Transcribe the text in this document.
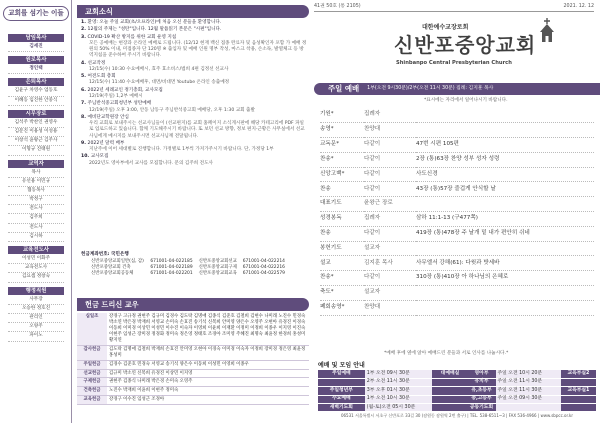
교회를 섬기는 이들
담임목사
김세진
원로목사
정인택
은퇴목사
김윤구 차영수 엄동호
이혜동 임진한 안중식
시무장로
김석주 박찬인 권영우
김문진 이용성 이성용
이창석 윤왕근 김주사
이형규 진태원
교역자
목사
유선용 이민규
협동목사
박정구
전도사
김주희
전도사
김시하
교육전도사
이성민 이화주
교육전도사
김요셉 정창숙
행정직원
사무장
오승한 정호진
관리인
오양주
파이노
교회소식
1. 환영: 오늘 주일 교회(초/오프라인)에 처음 오신 분들을 환영합니다.
2. 12월의 주제는 "성탄"입니다. 12월 말씀읽기 본문은 "시편"입니다.
3. COVID-19 확산 방지를 위한 교회 운영 지침
모든 공예배는 현장과 온라인 예배로 드립니다. (12/12 현재 백신 접종 완료자 및 음성확인자 포함 가 예배 정원의 50% 이내, 미접종자 단 120명 ※ 출입자 및 예배 인원 명부 작성, 마스크 착용, 손소독, 발열체크 등 방역지침을 준수하여 주시기 바랍니다.
4. 선교작정
12/15(수) 10:30 수요예배시, 효주 효소비스/법희 4편 김정선 선교사
5. 여전도회 총회
12/15(수) 11:40 수요예배후, 대면/비대면 Youtube 온라인 송출예정
6. 2022년 세례교인 정기총회, 교사모집
12/19(주일) 1,2부 예배시
7. 주님반석중고회청년부 성탄예배
12/19(주일) 오후 3:00, 안동 남동구 주님반석중고회 예배당, 오후 1:30 교회 출발
8. 예비단교학원장 안심
우리 교회로 보내주시는 선교사님들이 (선교편지)를 교회 홈페이지 소식게시판에 해당 카테고리에 PDF 파일로 업로드하고 있습니다. 함께 기도해주시기 바랍니다. 또 보던 선교 방향, 정보 편지·근황은 사무실에서 선교사님에게 메시지를 보내주시면 선교사님께 전달됩니다.
9. 2022년 달력 배부
지난주에 이어 세대별로 진행합니다. 가정별로 1부씩 가져가주시기 바랍니다. 단, 가정당 1부
10. 교사모집
2022년도 영아부에서 교사를 모집합니다. 문의 김주희 전도사
헌금계좌번호: 국민은행
신반포중앙교회일반(십, 감)	671001-04-022185	신반포중앙교회선교	671001-04-022214
신반포중앙교회 건축	671001-04-022189	신반포중앙교회구제	671001-04-022216
신반포중앙교회공동체	671001-04-022201	신반포중앙교회교육	671001-04-022579
헌금 드리신 교우
십일조	강경구 고규정 권현주 김규미 김경수 김도락 김명애 김종식 김준호 김철희 김현수 나미래 노진수 민경숙 박소연 박은경 박재희 서영교 손미숙 손효진 송기석 신복희 안미영 양은수 오영주 오현아 유경진 이경숙 이동희 이미경 이상민 이성민 이수진 이숙자 이영희 이윤희 이재환 이정미 이정희 이종우 이지영 이진숙 이현주 임성근 장미경 정경화 정미숙 정은영 정태호 조경아 조미영 주혜진 최명숙 최윤정 한경희 홍성미 황지연
감사헌금	김도락 김명애 김철희 박재희 손효진 안미영 오현아 이경숙 이미경 이숙자 이정희 장미경 정은영 최윤정 홍성미
주일헌금	김경수 김준호 민경숙 서영교 송기석 양은수 이동희 이성민 이영희 이종우
선교헌금	김규미 박소연 신복희 유경진 이상민 이지영
구제헌금	권현주 김종식 나미래 박은경 손미숙 오영주
건축헌금	노진수 박재희 이윤희 이현주 정미숙
교육헌금	강경구 이수진 임성근 조경아
41권 50호 (통 2105)	2021. 12. 12
대한예수교장로회
신반포중앙교회
Shinbanpo Central Presbyterian Church
주일 예배 1부(오전 9시30분)/2부(오전 11시 30분) 집례: 김지훈 목사
*표시에는 자리에서 일어나시기 바랍니다.
기원*	집례자	
송영*	찬양대	
교독문*	다같이	47번 시편 105편
찬송*	다같이	2장 (통)63장 찬양 성부 성자 성령
신앙고백*	다같이	사도신경
찬송	다같이	43장 (통)57장 즐겁게 안식할 날
대표기도	윤왕근 장로	
성경봉독	집례자	삼하 11:1-13 (구477쪽)
찬송	다같이	419장 (통)478장 주 날개 밑 내가 편안히 쉬네
봉헌기도	설교자	
설교	김지훈 목사	사무엘서 강해(61): 다윗과 밧세바
찬송*	다같이	310장 (통)410장 아 하나님의 은혜로
축도*	설교자	
폐회송영*	찬양대	
*예배 후에 옆에 앉아 예배드린 분들과 서로 인사를 나눕시다.*
예배 및 모임 안내
주일예배	1부 오전 09시 30분	대예배실	영아부	주일 오전 10시 20분	교육부실2
	2부 오전 11시 30분		유치부	주일 오전 11시 30분	
주일청년부	3부 오후 01시 30분		유,초등부	주일 오전 11시 30분	교육부실1
수요예배	1부 오전 10시 30분		중,고등부	주일 오전 09시 30분	
새벽기도회	(월-토)오전 05시 30분		공동기도회		
06531 서울특별시 서초구 신반포로 33길 30 (잠원동 잠원역 2번 출구) | TEL. 538-6511~3 | FAX 536-4966 | www.sbpcc.or.kr
